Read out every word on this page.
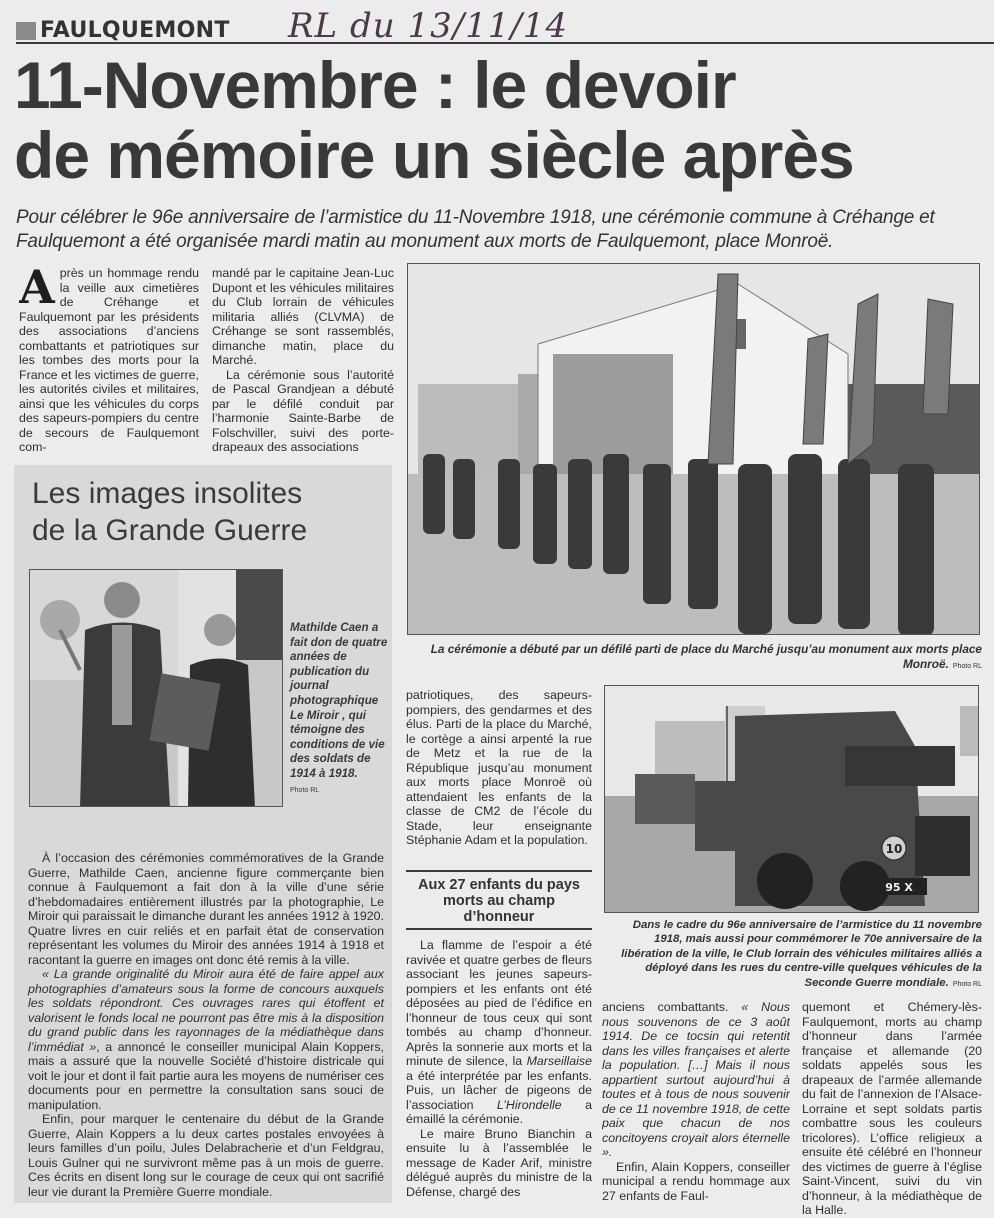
FAULQUEMONT RL du 13/11/14
11-Novembre : le devoir
de mémoire un siècle après
Pour célébrer le 96e anniversaire de l’armistice du 11-Novembre 1918, une cérémonie commune à Créhange et Faulquemont a été organisée mardi matin au monument aux morts de Faulquemont, place Monroë.
A près un hommage rendu la veille aux cimetières de Créhange et Faulquemont par les présidents des associations d’anciens combattants et patriotiques sur les tombes des morts pour la France et les victimes de guerre, les autorités civiles et militaires, ainsi que les véhicules du corps des sapeurs-pompiers du centre de secours de Faulquemont com-

mandé par le capitaine Jean-Luc Dupont et les véhicules militaires du Club lorrain de véhicules militaria alliés (CLVMA) de Créhange se sont rassemblés, dimanche matin, place du Marché.

La cérémonie sous l’autorité de Pascal Grandjean a débuté par le défilé conduit par l’harmonie Sainte-Barbe de Folschviller, suivi des porte-drapeaux des associations

Les images insolites
de la Grande Guerre
Mathilde Caen a fait don de quatre années de publication du journal photographique Le Miroir , qui témoigne des conditions de vie des soldats de 1914 à 1918.
Photo RL

À l’occasion des cérémonies commémoratives de la Grande Guerre, Mathilde Caen, ancienne figure commerçante bien connue à Faulquemont a fait don à la ville d’une série d’hebdomadaires entièrement illustrés par la photographie, Le Miroir qui paraissait le dimanche durant les années 1912 à 1920. Quatre livres en cuir reliés et en parfait état de conservation représentant les volumes du Miroir des années 1914 à 1918 et racontant la guerre en images ont donc été remis à la ville.

« La grande originalité du Miroir aura été de faire appel aux photographies d’amateurs sous la forme de concours auxquels les soldats répondront. Ces ouvrages rares qui étoffent et valorisent le fonds local ne pourront pas être mis à la disposition du grand public dans les rayonnages de la médiathèque dans l’immédiat », a annoncé le conseiller municipal Alain Koppers, mais a assuré que la nouvelle Société d’histoire districale qui voit le jour et dont il fait partie aura les moyens de numériser ces documents pour en permettre la consultation sans souci de manipulation.

Enfin, pour marquer le centenaire du début de la Grande Guerre, Alain Koppers a lu deux cartes postales envoyées à leurs familles d’un poilu, Jules Delabracherie et d’un Feldgrau, Louis Gulner qui ne survivront même pas à un mois de guerre. Ces écrits en disent long sur le courage de ceux qui ont sacrifié leur vie durant la Première Guerre mondiale.

La cérémonie a débuté par un défilé parti de place du Marché jusqu’au monument aux morts place Monroë. Photo RL

patriotiques, des sapeurs-pompiers, des gendarmes et des élus. Parti de la place du Marché, le cortège a ainsi arpenté la rue de Metz et la rue de la République jusqu’au monument aux morts place Monroë où attendaient les enfants de la classe de CM2 de l’école du Stade, leur enseignante Stéphanie Adam et la population.

Aux 27 enfants du pays morts au champ d’honneur

La flamme de l’espoir a été ravivée et quatre gerbes de fleurs associant les jeunes sapeurs-pompiers et les enfants ont été déposées au pied de l’édifice en l’honneur de tous ceux qui sont tombés au champ d’honneur. Après la sonnerie aux morts et la minute de silence, la Marseillaise a été interprétée par les enfants. Puis, un lâcher de pigeons de l’association L’Hirondelle a émaillé la cérémonie.

Le maire Bruno Bianchin a ensuite lu à l’assemblée le message de Kader Arif, ministre délégué auprès du ministre de la Défense, chargé des

10
95 X
Dans le cadre du 96e anniversaire de l’armistice du 11 novembre 1918, mais aussi pour commémorer le 70e anniversaire de la libération de la ville, le Club lorrain des véhicules militaires alliés a déployé dans les rues du centre-ville quelques véhicules de la Seconde Guerre mondiale. Photo RL

anciens combattants. « Nous nous souvenons de ce 3 août 1914. De ce tocsin qui retentit dans les villes françaises et alerte la population. […] Mais il nous appartient surtout aujourd’hui à toutes et à tous de nous souvenir de ce 11 novembre 1918, de cette paix que chacun de nos concitoyens croyait alors éternelle ».

Enfin, Alain Koppers, conseiller municipal a rendu hommage aux 27 enfants de Faul-

quemont et Chémery-lès-Faulquemont, morts au champ d’honneur dans l’armée française et allemande (20 soldats appelés sous les drapeaux de l’armée allemande du fait de l’annexion de l’Alsace-Lorraine et sept soldats partis combattre sous les couleurs tricolores). L’office religieux a ensuite été célébré en l’honneur des victimes de guerre à l’église Saint-Vincent, suivi du vin d’honneur, à la médiathèque de la Halle.
